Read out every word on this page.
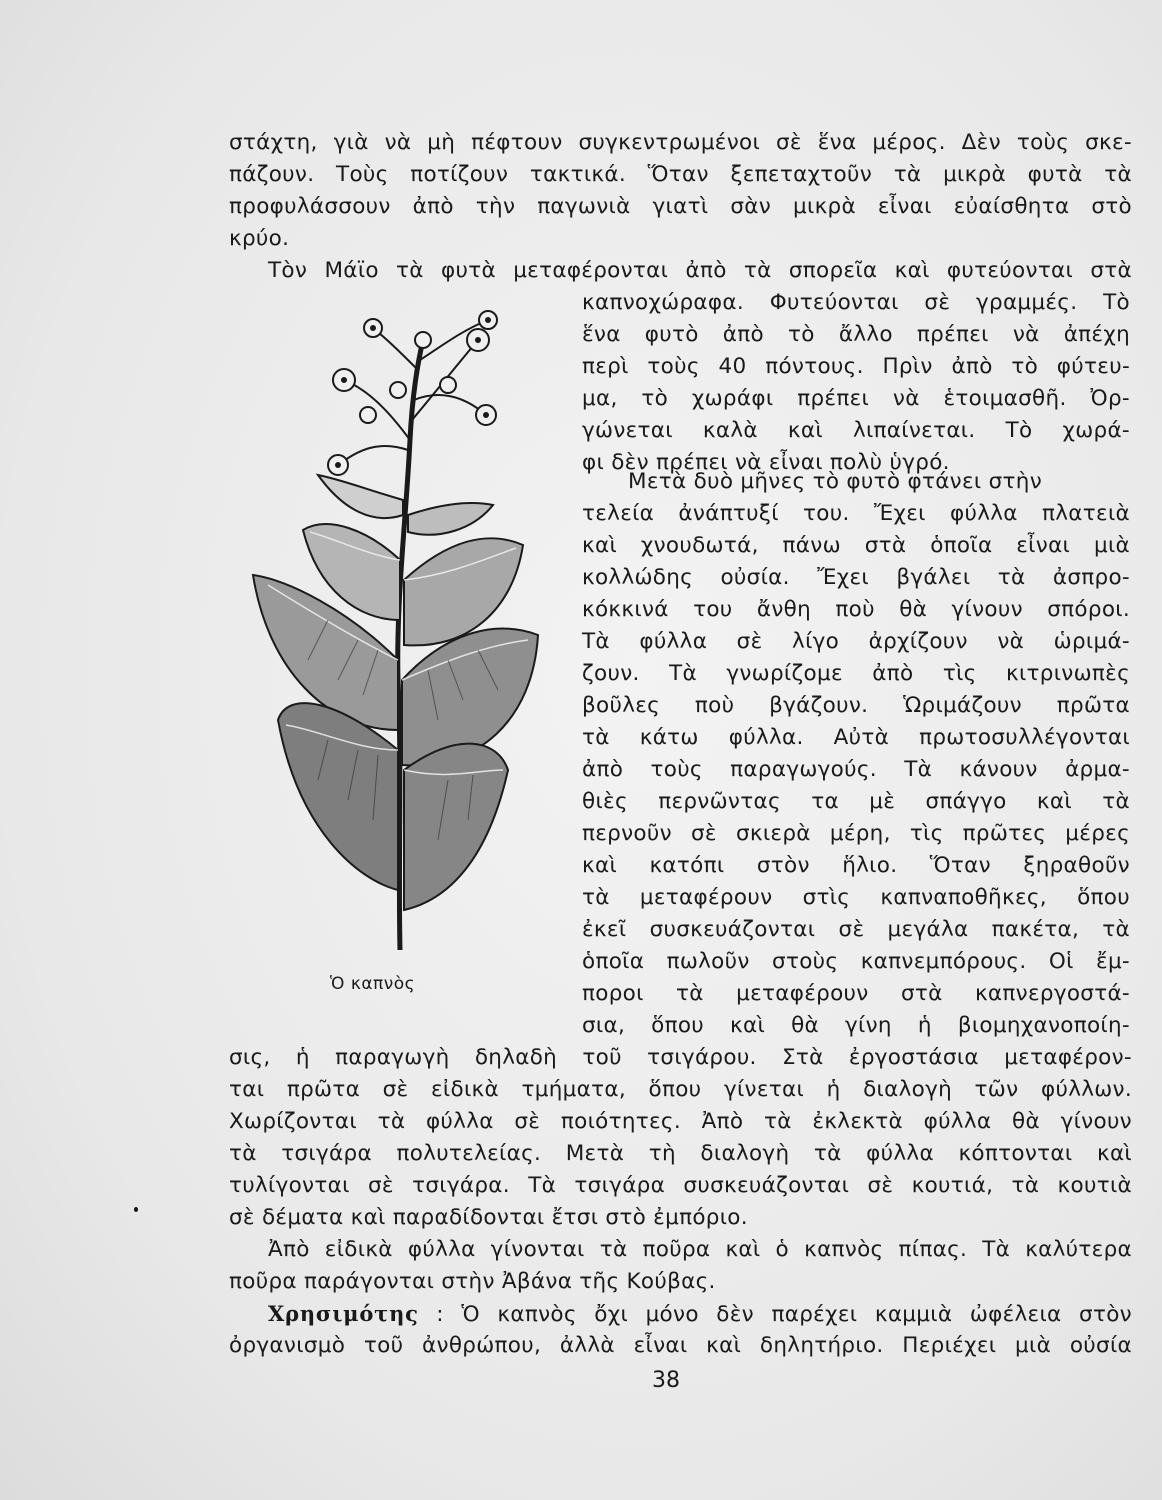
στάχτη, γιὰ νὰ μὴ πέφτουν συγκεντρωμένοι σὲ ἕνα μέρος. Δὲν τοὺς σκε-
πάζουν. Τοὺς ποτίζουν τακτικά. Ὅταν ξεπεταχτοῦν τὰ μικρὰ φυτὰ τὰ
προφυλάσσουν ἀπὸ τὴν παγωνιὰ γιατὶ σὰν μικρὰ εἶναι εὐαίσθητα στὸ
κρύο.
Τὸν Μάϊο τὰ φυτὰ μεταφέρονται ἀπὸ τὰ σπορεῖα καὶ φυτεύονται στὰ
καπνοχώραφα. Φυτεύονται σὲ γραμμές. Τὸ
ἕνα φυτὸ ἀπὸ τὸ ἄλλο πρέπει νὰ ἀπέχη
περὶ τοὺς 40 πόντους. Πρὶν ἀπὸ τὸ φύτευ-
μα, τὸ χωράφι πρέπει νὰ ἑτοιμασθῆ. Ὀρ-
γώνεται καλὰ καὶ λιπαίνεται. Τὸ χωρά-
φι δὲν πρέπει νὰ εἶναι πολὺ ὑγρό.
Μετὰ δυὸ μῆνες τὸ φυτὸ φτάνει στὴν
τελεία ἀνάπτυξί του. Ἔχει φύλλα πλατειὰ
καὶ χνουδωτά, πάνω στὰ ὁποῖα εἶναι μιὰ
κολλώδης οὐσία. Ἔχει βγάλει τὰ ἀσπρο-
κόκκινά του ἄνθη ποὺ θὰ γίνουν σπόροι.
Τὰ φύλλα σὲ λίγο ἀρχίζουν νὰ ὡριμά-
ζουν. Τὰ γνωρίζομε ἀπὸ τὶς κιτρινωπὲς
βοῦλες ποὺ βγάζουν. Ὡριμάζουν πρῶτα
τὰ κάτω φύλλα. Αὐτὰ πρωτοσυλλέγονται
ἀπὸ τοὺς παραγωγούς. Τὰ κάνουν ἀρμα-
θιὲς περνῶντας τα μὲ σπάγγο καὶ τὰ
περνοῦν σὲ σκιερὰ μέρη, τὶς πρῶτες μέρες
καὶ κατόπι στὸν ἥλιο. Ὅταν ξηραθοῦν
τὰ μεταφέρουν στὶς καπναποθῆκες, ὅπου
ἐκεῖ συσκευάζονται σὲ μεγάλα πακέτα, τὰ
ὁποῖα πωλοῦν στοὺς καπνεμπόρους. Οἱ ἔμ-
ποροι τὰ μεταφέρουν στὰ καπνεργοστά-
σια, ὅπου καὶ θὰ γίνη ἡ βιομηχανοποίη-
σις, ἡ παραγωγὴ δηλαδὴ τοῦ τσιγάρου. Στὰ ἐργοστάσια μεταφέρον-
ται πρῶτα σὲ εἰδικὰ τμήματα, ὅπου γίνεται ἡ διαλογὴ τῶν φύλλων.
Χωρίζονται τὰ φύλλα σὲ ποιότητες. Ἀπὸ τὰ ἐκλεκτὰ φύλλα θὰ γίνουν
τὰ τσιγάρα πολυτελείας. Μετὰ τὴ διαλογὴ τὰ φύλλα κόπτονται καὶ
τυλίγονται σὲ τσιγάρα. Τὰ τσιγάρα συσκευάζονται σὲ κουτιά, τὰ κουτιὰ
σὲ δέματα καὶ παραδίδονται ἔτσι στὸ ἐμπόριο.
Ἀπὸ εἰδικὰ φύλλα γίνονται τὰ ποῦρα καὶ ὁ καπνὸς πίπας. Τὰ καλύτερα
ποῦρα παράγονται στὴν Ἀβάνα τῆς Κούβας.
Χρησιμότης : Ὁ καπνὸς ὄχι μόνο δὲν παρέχει καμμιὰ ὠφέλεια στὸν
ὀργανισμὸ τοῦ ἀνθρώπου, ἀλλὰ εἶναι καὶ δηλητήριο. Περιέχει μιὰ οὐσία
Ὁ καπνὸς
38
